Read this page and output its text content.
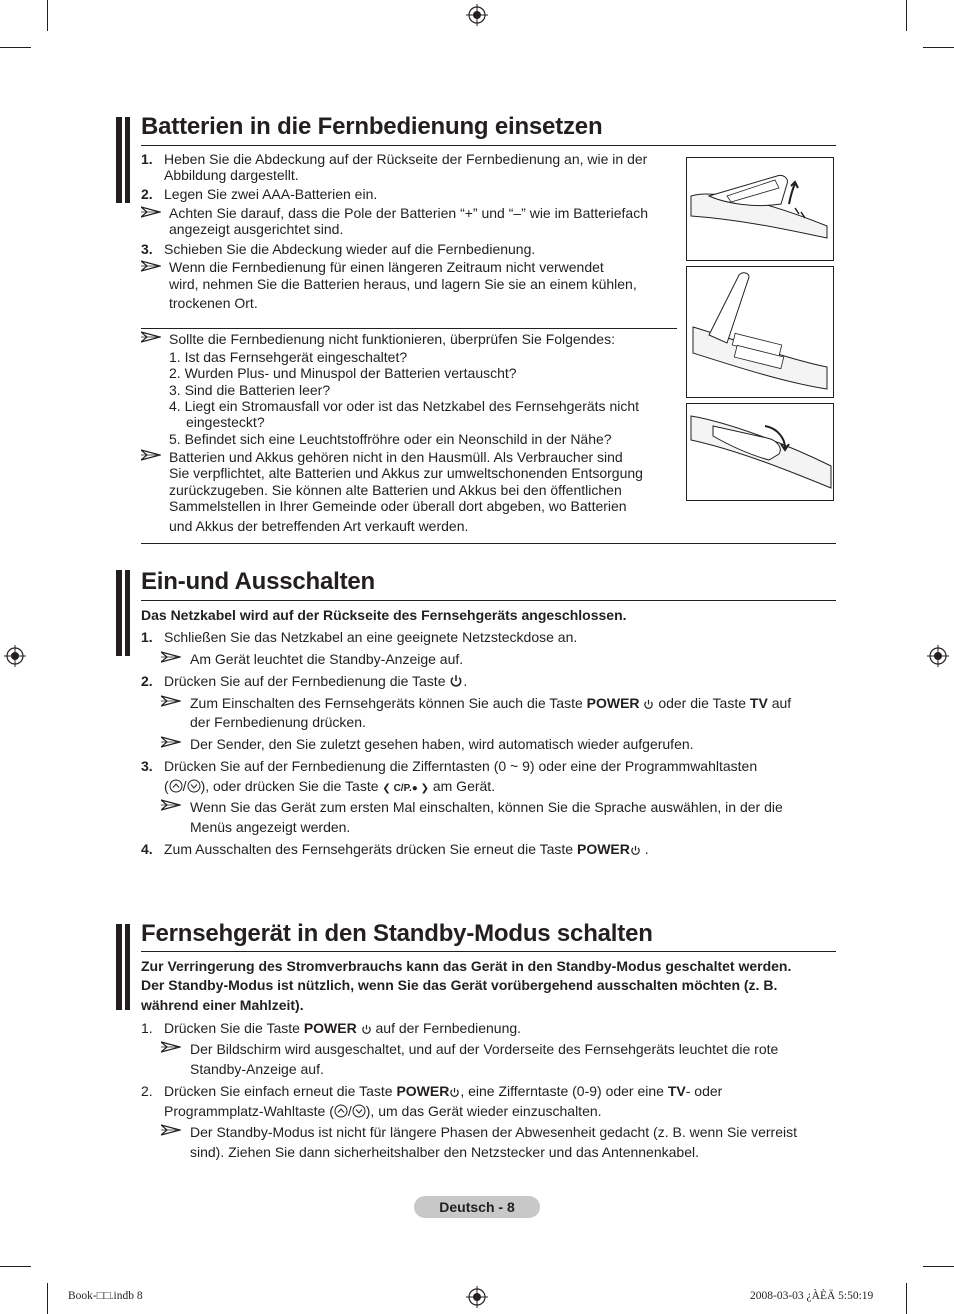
Batterien in die Fernbedienung einsetzen
1. Heben Sie die Abdeckung auf der Rückseite der Fernbedienung an, wie in der
Abbildung dargestellt.
2. Legen Sie zwei AAA-Batterien ein.
Achten Sie darauf, dass die Pole der Batterien “+” und “–” wie im Batteriefach
angezeigt ausgerichtet sind.
3. Schieben Sie die Abdeckung wieder auf die Fernbedienung.
Wenn die Fernbedienung für einen längeren Zeitraum nicht verwendet
wird, nehmen Sie die Batterien heraus, und lagern Sie sie an einem kühlen,
trockenen Ort.
Sollte die Fernbedienung nicht funktionieren, überprüfen Sie Folgendes:
1. Ist das Fernsehgerät eingeschaltet?
2. Wurden Plus- und Minuspol der Batterien vertauscht?
3. Sind die Batterien leer?
4. Liegt ein Stromausfall vor oder ist das Netzkabel des Fernsehgeräts nicht
eingesteckt?
5. Befindet sich eine Leuchtstoffröhre oder ein Neonschild in der Nähe?
Batterien und Akkus gehören nicht in den Hausmüll. Als Verbraucher sind
Sie verpflichtet, alte Batterien und Akkus zur umweltschonenden Entsorgung
zurückzugeben. Sie können alte Batterien und Akkus bei den öffentlichen
Sammelstellen in Ihrer Gemeinde oder überall dort abgeben, wo Batterien
und Akkus der betreffenden Art verkauft werden.
Ein-und Ausschalten
Das Netzkabel wird auf der Rückseite des Fernsehgeräts angeschlossen.
1. Schließen Sie das Netzkabel an eine geeignete Netzsteckdose an.
Am Gerät leuchtet die Standby-Anzeige auf.
2. Drücken Sie auf der Fernbedienung die Taste .
Zum Einschalten des Fernsehgeräts können Sie auch die Taste POWER oder die Taste TV auf
der Fernbedienung drücken.
Der Sender, den Sie zuletzt gesehen haben, wird automatisch wieder aufgerufen.
3. Drücken Sie auf der Fernbedienung die Zifferntasten (0 ~ 9) oder eine der Programmwahltasten
( / ), oder drücken Sie die Taste ❮ C/P.● ❯ am Gerät.
Wenn Sie das Gerät zum ersten Mal einschalten, können Sie die Sprache auswählen, in der die
Menüs angezeigt werden.
4. Zum Ausschalten des Fernsehgeräts drücken Sie erneut die Taste POWER .
Fernsehgerät in den Standby-Modus schalten
Zur Verringerung des Stromverbrauchs kann das Gerät in den Standby-Modus geschaltet werden.
Der Standby-Modus ist nützlich, wenn Sie das Gerät vorübergehend ausschalten möchten (z. B.
während einer Mahlzeit).
1. Drücken Sie die Taste POWER auf der Fernbedienung.
Der Bildschirm wird ausgeschaltet, und auf der Vorderseite des Fernsehgeräts leuchtet die rote
Standby-Anzeige auf.
2. Drücken Sie einfach erneut die Taste POWER , eine Zifferntaste (0-9) oder eine TV- oder
Programmplatz-Wahltaste ( / ), um das Gerät wieder einzuschalten.
Der Standby-Modus ist nicht für längere Phasen der Abwesenheit gedacht (z. B. wenn Sie verreist
sind). Ziehen Sie dann sicherheitshalber den Netzstecker und das Antennenkabel.
Deutsch - 8
Book-□□.indb 8	2008-03-03 ¿ÀÈÄ 5:50:19
